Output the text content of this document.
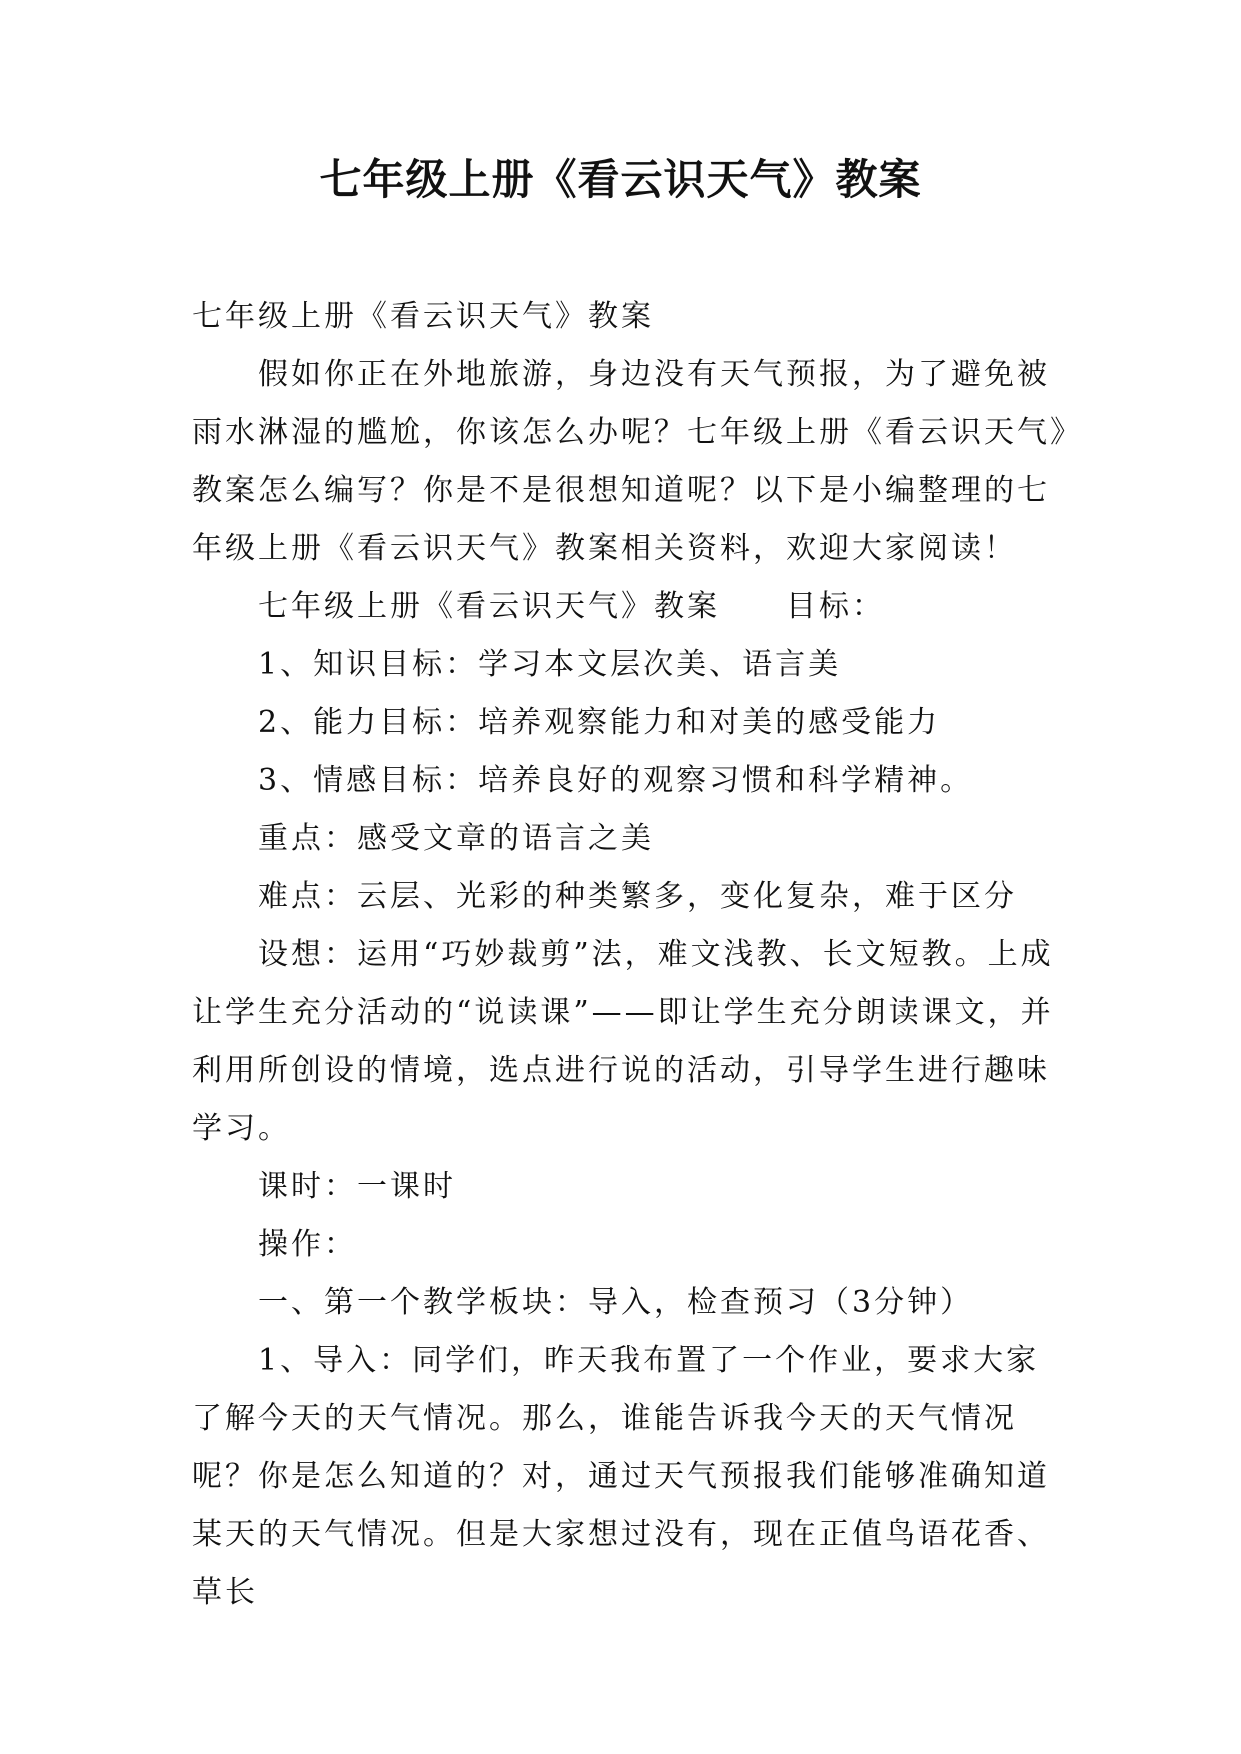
七年级上册《看云识天气》教案

七年级上册《看云识天气》教案

假如你正在外地旅游，身边没有天气预报，为了避免被雨水淋湿的尴尬，你该怎么办呢？七年级上册《看云识天气》教案怎么编写？你是不是很想知道呢？以下是小编整理的七年级上册《看云识天气》教案相关资料，欢迎大家阅读！

七年级上册《看云识天气》教案　　目标：

1、知识目标：学习本文层次美、语言美

2、能力目标：培养观察能力和对美的感受能力

3、情感目标：培养良好的观察习惯和科学精神。

重点：感受文章的语言之美

难点：云层、光彩的种类繁多，变化复杂，难于区分

设想：运用“巧妙裁剪”法，难文浅教、长文短教。上成让学生充分活动的“说读课”——即让学生充分朗读课文，并利用所创设的情境，选点进行说的活动，引导学生进行趣味学习。

课时：一课时

操作：

一、第一个教学板块：导入，检查预习（3分钟）

1、导入：同学们，昨天我布置了一个作业，要求大家了解今天的天气情况。那么，谁能告诉我今天的天气情况呢？你是怎么知道的？对，通过天气预报我们能够准确知道某天的天气情况。但是大家想过没有，现在正值鸟语花香、草长
